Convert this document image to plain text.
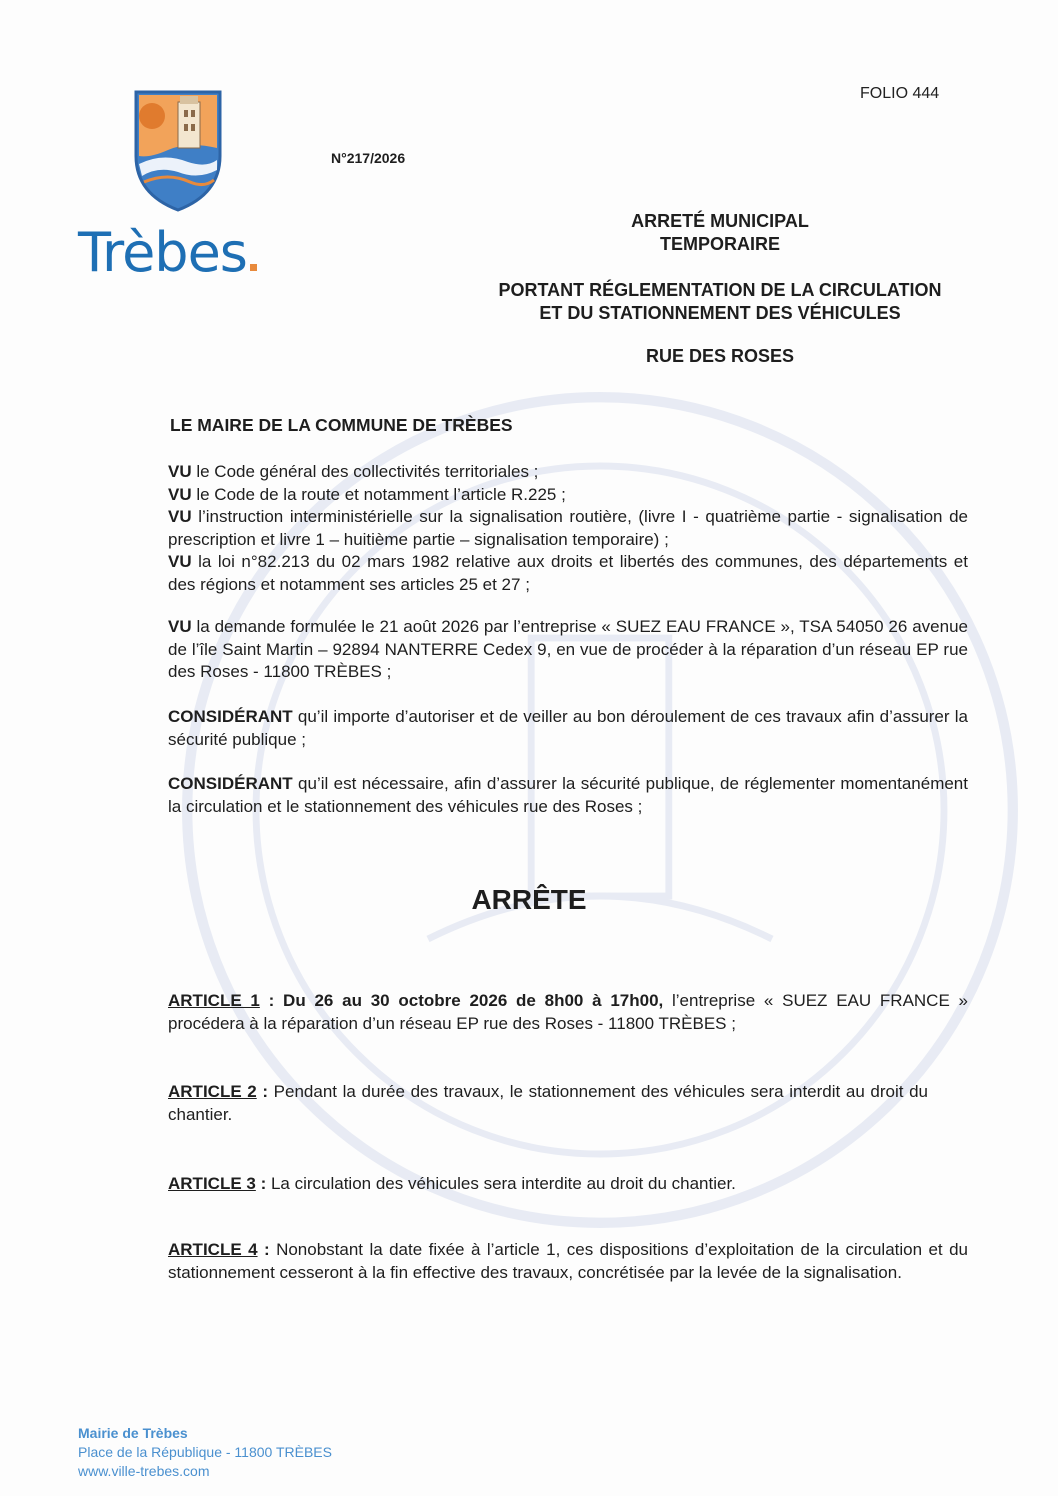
FOLIO 444
Trèbes
N°217/2026
ARRETÉ MUNICIPAL
TEMPORAIRE
PORTANT RÉGLEMENTATION DE LA CIRCULATION
ET DU STATIONNEMENT DES VÉHICULES
RUE DES ROSES
LE MAIRE DE LA COMMUNE DE TRÈBES

VU le Code général des collectivités territoriales ;

VU le Code de la route et notamment l’article R.225 ;

VU l’instruction interministérielle sur la signalisation routière, (livre I - quatrième partie - signalisation de prescription et livre 1 – huitième partie – signalisation temporaire) ;

VU la loi n°82.213 du 02 mars 1982 relative aux droits et libertés des communes, des départements et des régions et notamment ses articles 25 et 27 ;

VU la demande formulée le 21 août 2026 par l’entreprise « SUEZ EAU FRANCE », TSA 54050 26 avenue de l’île Saint Martin – 92894 NANTERRE Cedex 9, en vue de procéder à la réparation d’un réseau EP rue des Roses - 11800 TRÈBES ;

CONSIDÉRANT qu’il importe d’autoriser et de veiller au bon déroulement de ces travaux afin d’assurer la sécurité publique ;

CONSIDÉRANT qu’il est nécessaire, afin d’assurer la sécurité publique, de réglementer momentanément la circulation et le stationnement des véhicules rue des Roses ;

ARRÊTE

ARTICLE 1 : Du 26 au 30 octobre 2026 de 8h00 à 17h00, l’entreprise « SUEZ EAU FRANCE » procédera à la réparation d’un réseau EP rue des Roses - 11800 TRÈBES ;

ARTICLE 2 : Pendant la durée des travaux, le stationnement des véhicules sera interdit au droit du chantier.

ARTICLE 3 : La circulation des véhicules sera interdite au droit du chantier.

ARTICLE 4 : Nonobstant la date fixée à l’article 1, ces dispositions d’exploitation de la circulation et du stationnement cesseront à la fin effective des travaux, concrétisée par la levée de la signalisation.

Mairie de Trèbes
Place de la République - 11800 TRÈBES
www.ville-trebes.com
